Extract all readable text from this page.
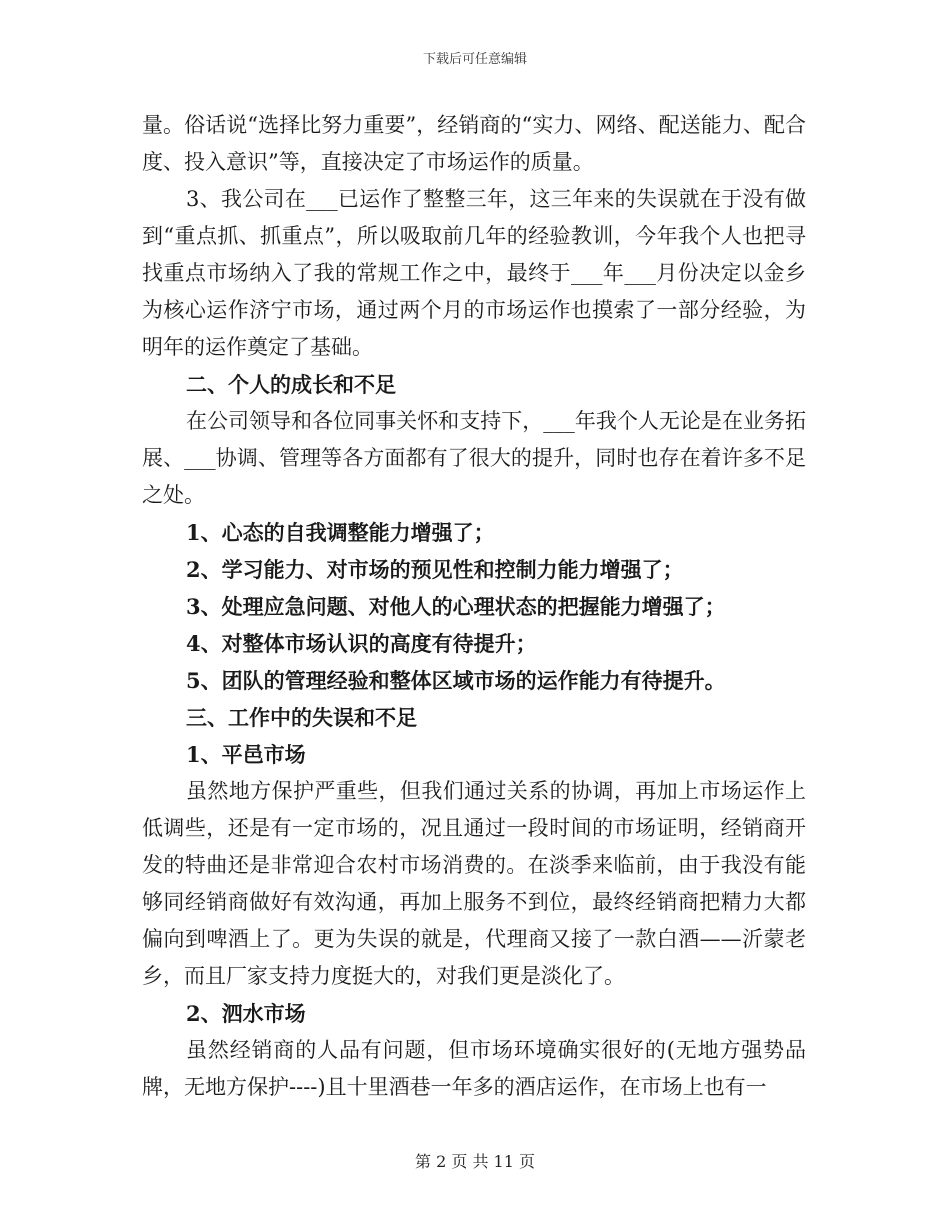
下载后可任意编辑

量。俗话说“选择比努力重要”，经销商的“实力、网络、配送能力、配合度、投入意识”等，直接决定了市场运作的质量。

3、我公司在___已运作了整整三年，这三年来的失误就在于没有做到“重点抓、抓重点”，所以吸取前几年的经验教训，今年我个人也把寻找重点市场纳入了我的常规工作之中，最终于___年___月份决定以金乡为核心运作济宁市场，通过两个月的市场运作也摸索了一部分经验，为明年的运作奠定了基础。

二、个人的成长和不足

在公司领导和各位同事关怀和支持下，___年我个人无论是在业务拓展、___协调、管理等各方面都有了很大的提升，同时也存在着许多不足之处。

1、心态的自我调整能力增强了；

2、学习能力、对市场的预见性和控制力能力增强了；

3、处理应急问题、对他人的心理状态的把握能力增强了；

4、对整体市场认识的高度有待提升；

5、团队的管理经验和整体区域市场的运作能力有待提升。

三、工作中的失误和不足

1、平邑市场

虽然地方保护严重些，但我们通过关系的协调，再加上市场运作上低调些，还是有一定市场的，况且通过一段时间的市场证明，经销商开发的特曲还是非常迎合农村市场消费的。在淡季来临前，由于我没有能够同经销商做好有效沟通，再加上服务不到位，最终经销商把精力大都偏向到啤酒上了。更为失误的就是，代理商又接了一款白酒——沂蒙老乡，而且厂家支持力度挺大的，对我们更是淡化了。

2、泗水市场

虽然经销商的人品有问题，但市场环境确实很好的(无地方强势品牌，无地方保护----)且十里酒巷一年多的酒店运作，在市场上也有一

第 2 页 共 11 页
